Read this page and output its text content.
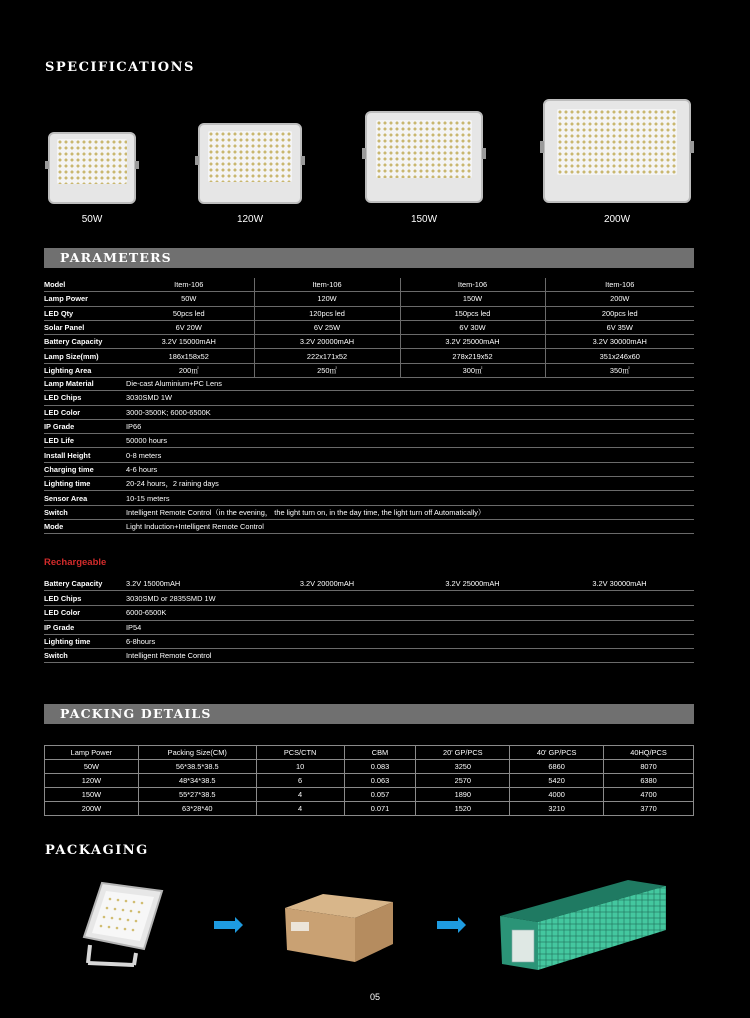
SPECIFICATIONS
50W	120W	150W	200W
PARAMETERS
Model	Item-106	Item-106	Item-106	Item-106
Lamp Power	50W	120W	150W	200W
LED Qty	50pcs led	120pcs led	150pcs led	200pcs led
Solar Panel	6V 20W	6V 25W	6V 30W	6V 35W
Battery Capacity	3.2V 15000mAH	3.2V 20000mAH	3.2V 25000mAH	3.2V 30000mAH
Lamp Size(mm)	186x158x52	222x171x52	278x219x52	351x246x60
Lighting Area	200㎡	250㎡	300㎡	350㎡
Lamp Material	Die-cast Aluminium+PC Lens
LED Chips	3030SMD 1W
LED Color	3000-3500K; 6000-6500K
IP Grade	IP66
LED Life	50000 hours
Install Height	0-8 meters
Charging time	4-6 hours
Lighting time	20-24 hours，2 raining days
Sensor Area	10-15 meters
Switch	Intelligent Remote Control（in the evening， the light turn on, in the day time, the light turn off Automatically）
Mode	Light Induction+Intelligent Remote Control
Rechargeable
Battery Capacity	3.2V 15000mAH	3.2V 20000mAH	3.2V 25000mAH	3.2V 30000mAH
LED Chips	3030SMD or 2835SMD 1W
LED Color	6000-6500K
IP Grade	IP54
Lighting time	6-8hours
Switch	Intelligent Remote Control
PACKING DETAILS
Lamp Power	Packing Size(CM)	PCS/CTN	CBM	20' GP/PCS	40' GP/PCS	40HQ/PCS
50W	56*38.5*38.5	10	0.083	3250	6860	8070
120W	48*34*38.5	6	0.063	2570	5420	6380
150W	55*27*38.5	4	0.057	1890	4000	4700
200W	63*28*40	4	0.071	1520	3210	3770
PACKAGING
05
